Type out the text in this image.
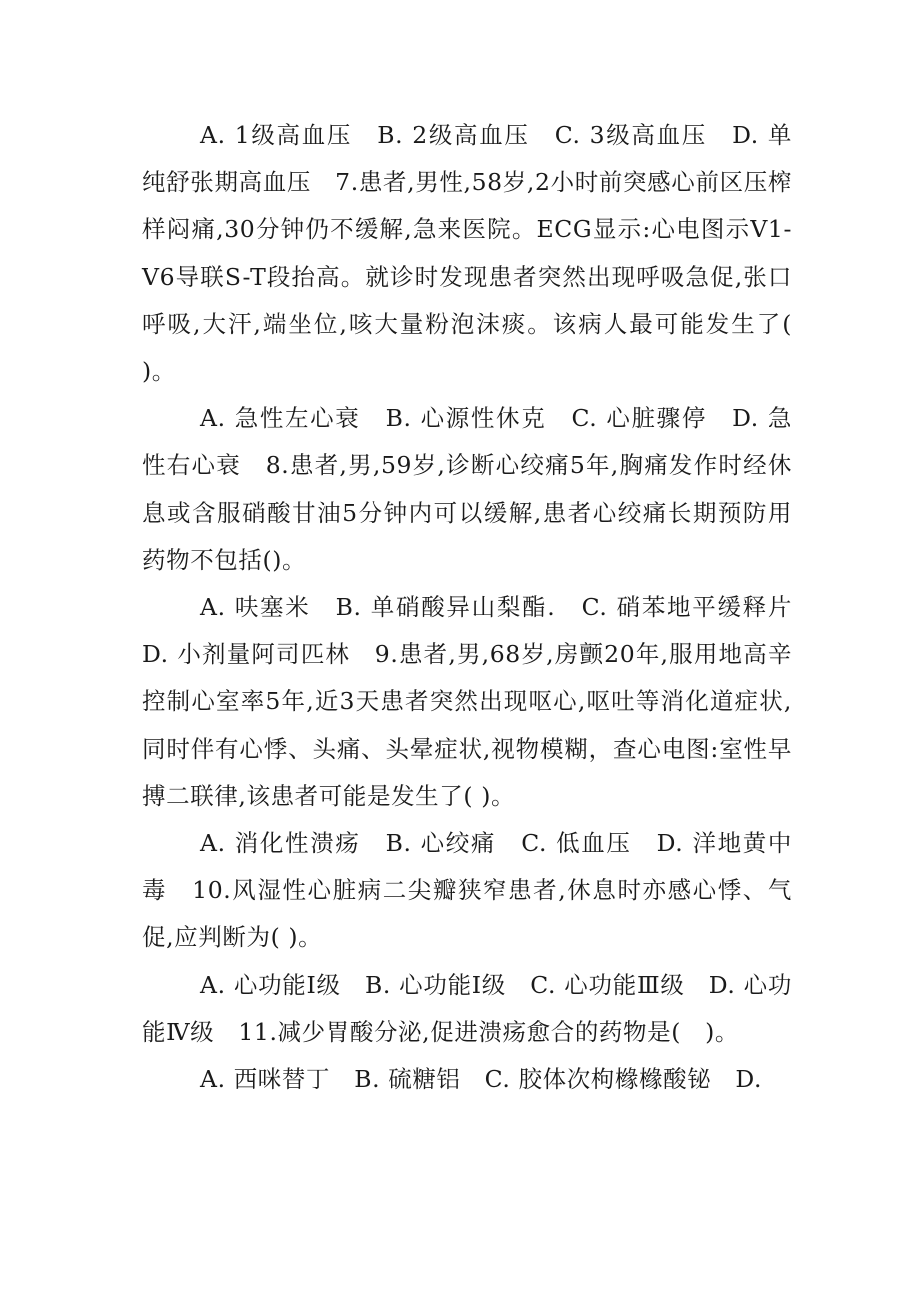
A. 1级高血压　B. 2级高血压　C. 3级高血压　D. 单纯舒张期高血压　7.患者,男性,58岁,2小时前突感心前区压榨样闷痛,30分钟仍不缓解,急来医院。ECG显示:心电图示V1-V6导联S-T段抬高。就诊时发现患者突然出现呼吸急促,张口呼吸,大汗,端坐位,咳大量粉泡沫痰。该病人最可能发生了( )。

A. 急性左心衰　B. 心源性休克　C. 心脏骤停　D. 急性右心衰　8.患者,男,59岁,诊断心绞痛5年,胸痛发作时经休息或含服硝酸甘油5分钟内可以缓解,患者心绞痛长期预防用药物不包括()。

A. 呋塞米　B. 单硝酸异山梨酯.　C. 硝苯地平缓释片　D. 小剂量阿司匹林　9.患者,男,68岁,房颤20年,服用地高辛控制心室率5年,近3天患者突然出现呕心,呕吐等消化道症状,同时伴有心悸、头痛、头晕症状,视物模糊，查心电图:室性早搏二联律,该患者可能是发生了( )。

A. 消化性溃疡　B. 心绞痛　C. 低血压　D. 洋地黄中毒　10.风湿性心脏病二尖瓣狭窄患者,休息时亦感心悸、气促,应判断为( )。

A. 心功能Ⅰ级　B. 心功能Ⅰ级　C. 心功能Ⅲ级　D. 心功能Ⅳ级　11.减少胃酸分泌,促进溃疡愈合的药物是(　)。

A. 西咪替丁　B. 硫糖铝　C. 胶体次枸橼橼酸铋　D.
